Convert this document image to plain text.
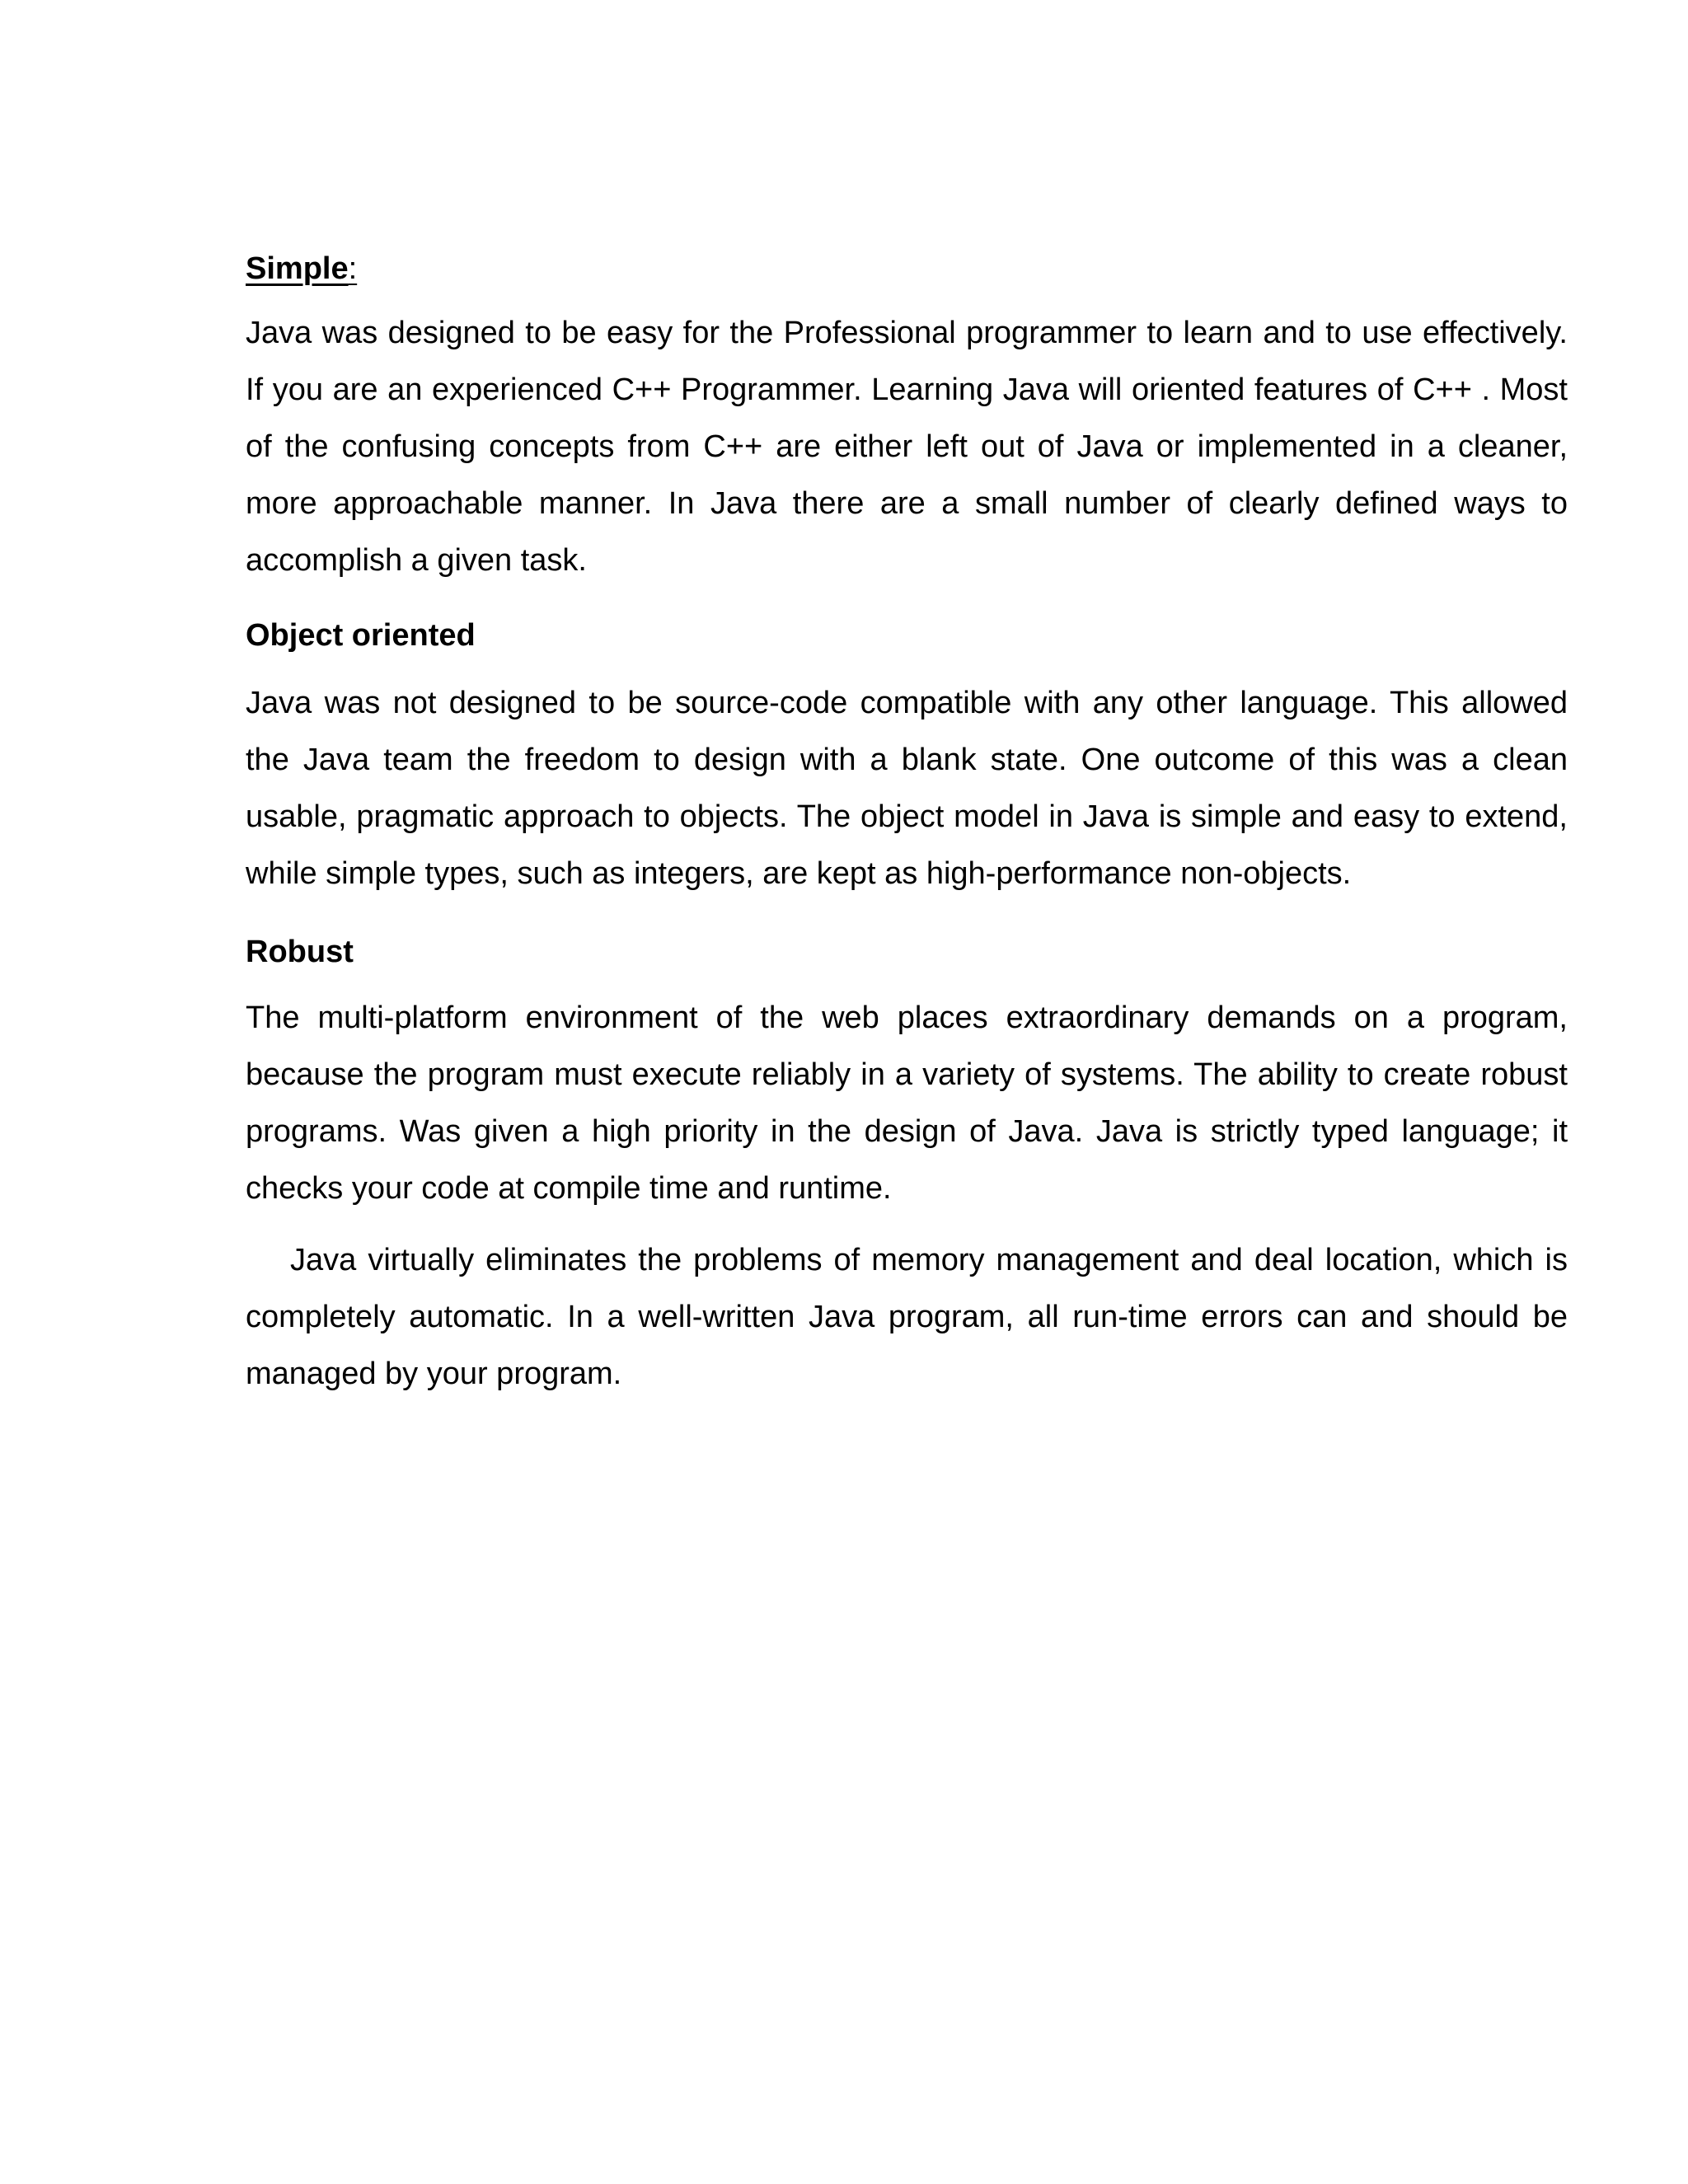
Simple:

Java was designed to be easy for the Professional programmer to learn and to use effectively. If you are an experienced C++ Programmer. Learning Java will oriented features of C++ . Most of the confusing concepts from C++ are either left out of Java or implemented in a cleaner, more approachable manner. In Java there are a small number of clearly defined ways to accomplish a given task.

Object oriented

Java was not designed to be source-code compatible with any other language. This allowed the Java team the freedom to design with a blank state. One outcome of this was a clean usable, pragmatic approach to objects. The object model in Java is simple and easy to extend, while simple types, such as integers, are kept as high-performance non-objects.

Robust

The multi-platform environment of the web places extraordinary demands on a program, because the program must execute reliably in a variety of systems. The ability to create robust programs. Was given a high priority in the design of Java. Java is strictly typed language; it checks your code at compile time and runtime.

Java virtually eliminates the problems of memory management and deal location, which is completely automatic. In a well-written Java program, all run-time errors can and should be managed by your program.
